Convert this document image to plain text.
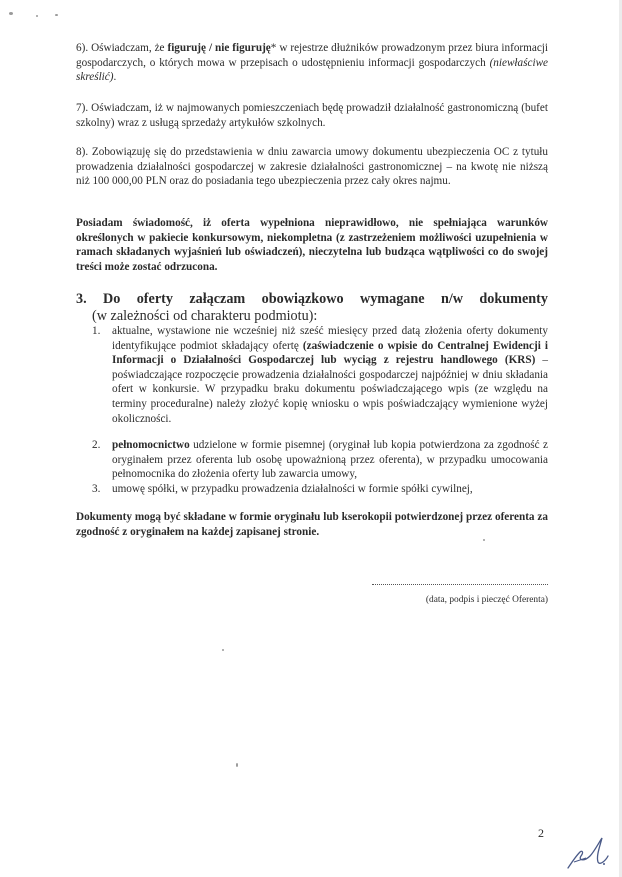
6). Oświadczam, że figuruję / nie figuruję* w rejestrze dłużników prowadzonym przez biura informacji gospodarczych, o których mowa w przepisach o udostępnieniu informacji gospodarczych (niewłaściwe skreślić).
7). Oświadczam, iż w najmowanych pomieszczeniach będę prowadził działalność gastronomiczną (bufet szkolny) wraz z usługą sprzedaży artykułów szkolnych.
8). Zobowiązuję się do przedstawienia w dniu zawarcia umowy dokumentu ubezpieczenia OC z tytułu prowadzenia działalności gospodarczej w zakresie działalności gastronomicznej – na kwotę nie niższą niż 100 000,00 PLN oraz do posiadania tego ubezpieczenia przez cały okres najmu.
Posiadam świadomość, iż oferta wypełniona nieprawidłowo, nie spełniająca warunków określonych w pakiecie konkursowym, niekompletna (z zastrzeżeniem możliwości uzupełnienia w ramach składanych wyjaśnień lub oświadczeń), nieczytelna lub budząca wątpliwości co do swojej treści może zostać odrzucona.
3. Do oferty załączam obowiązkowo wymagane n/w dokumenty
(w zależności od charakteru podmiotu):
1.	aktualne, wystawione nie wcześniej niż sześć miesięcy przed datą złożenia oferty dokumenty identyfikujące podmiot składający ofertę (zaświadczenie o wpisie do Centralnej Ewidencji i Informacji o Działalności Gospodarczej lub wyciąg z rejestru handlowego (KRS) – poświadczające rozpoczęcie prowadzenia działalności gospodarczej najpóźniej w dniu składania ofert w konkursie. W przypadku braku dokumentu poświadczającego wpis (ze względu na terminy proceduralne) należy złożyć kopię wniosku o wpis poświadczający wymienione wyżej okoliczności.
2.	pełnomocnictwo udzielone w formie pisemnej (oryginał lub kopia potwierdzona za zgodność z oryginałem przez oferenta lub osobę upoważnioną przez oferenta), w przypadku umocowania pełnomocnika do złożenia oferty lub zawarcia umowy,
3.	umowę spółki, w przypadku prowadzenia działalności w formie spółki cywilnej,
Dokumenty mogą być składane w formie oryginału lub kserokopii potwierdzonej przez oferenta za zgodność z oryginałem na każdej zapisanej stronie.
(data, podpis i pieczęć Oferenta)
2
